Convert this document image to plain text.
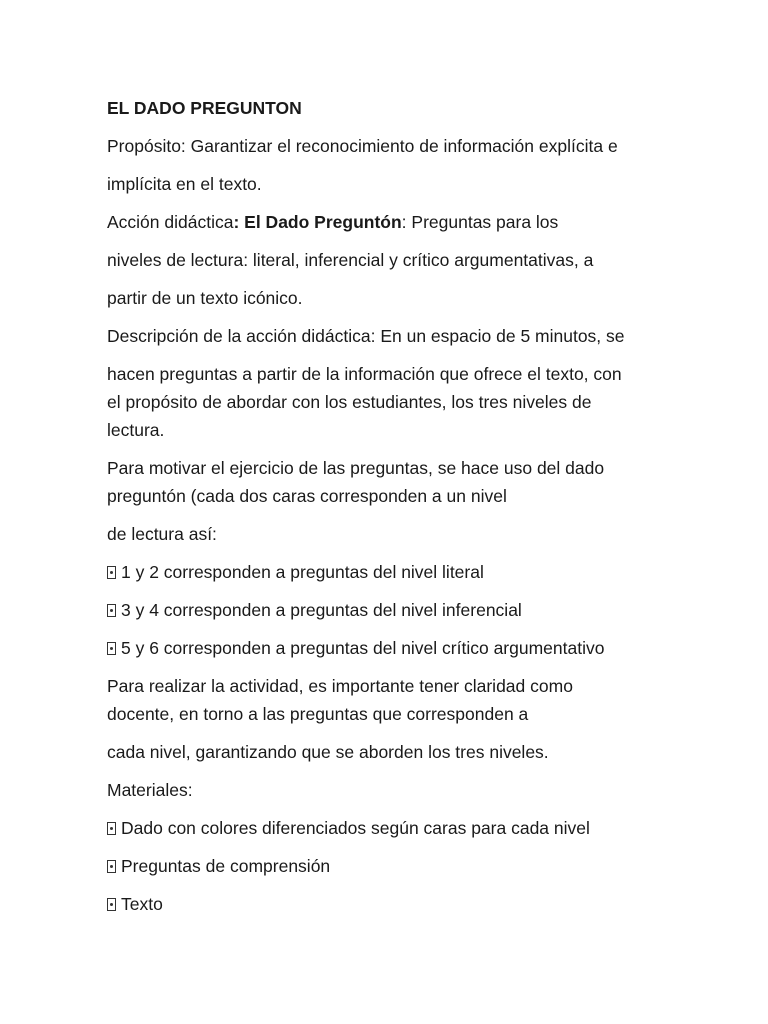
EL DADO PREGUNTON

Propósito: Garantizar el reconocimiento de información explícita e

implícita en el texto.

Acción didáctica: El Dado Preguntón: Preguntas para los

niveles de lectura: literal, inferencial y crítico argumentativas, a

partir de un texto icónico.

Descripción de la acción didáctica: En un espacio de 5 minutos, se

hacen preguntas a partir de la información que ofrece el texto, con

el propósito de abordar con los estudiantes, los tres niveles de

lectura.

Para motivar el ejercicio de las preguntas, se hace uso del dado

preguntón (cada dos caras corresponden a un nivel

de lectura así:

1 y 2 corresponden a preguntas del nivel literal

3 y 4 corresponden a preguntas del nivel inferencial

5 y 6 corresponden a preguntas del nivel crítico argumentativo

Para realizar la actividad, es importante tener claridad como

docente, en torno a las preguntas que corresponden a

cada nivel, garantizando que se aborden los tres niveles.

Materiales:

Dado con colores diferenciados según caras para cada nivel

Preguntas de comprensión

Texto
